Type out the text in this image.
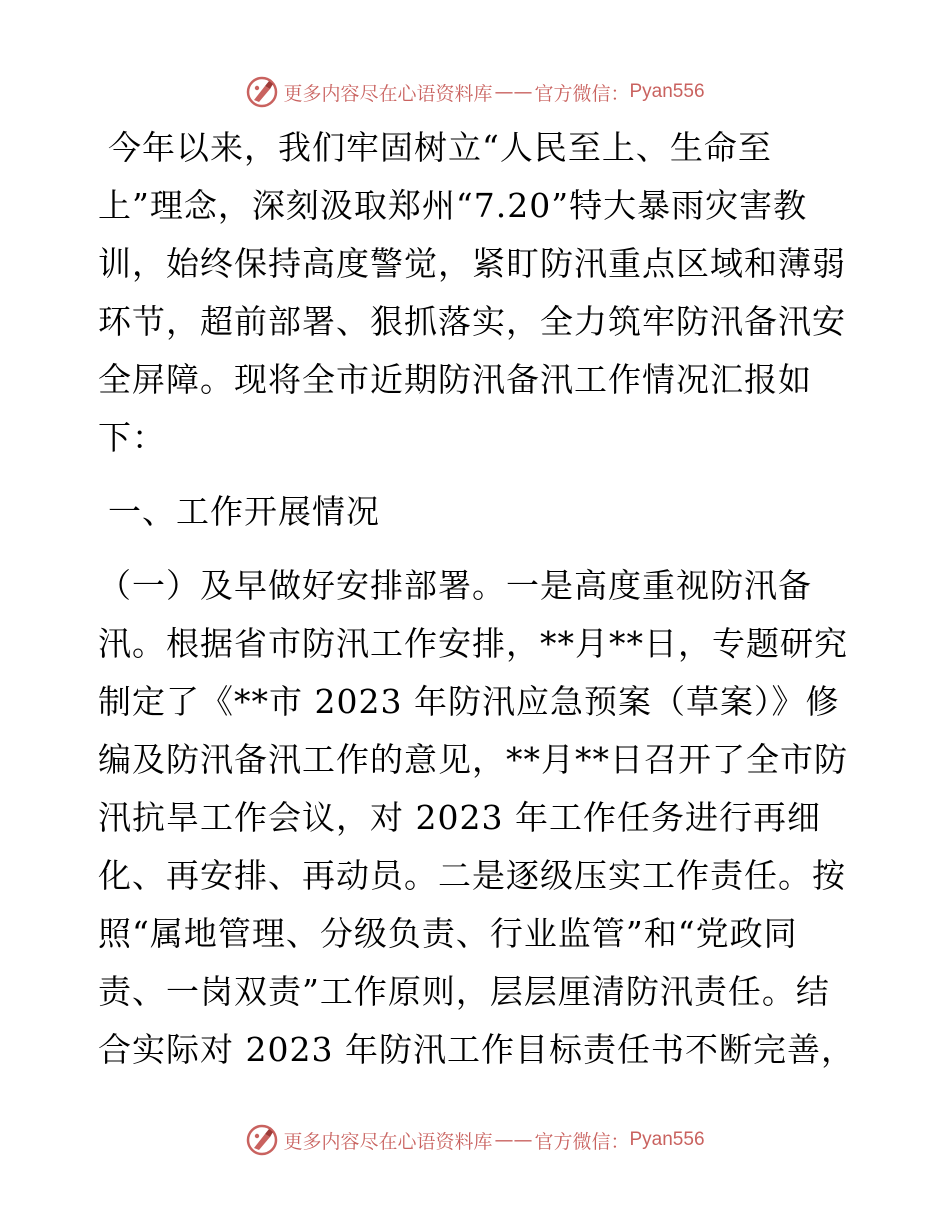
更多内容尽在心语资料库 —— 官方微信： Pyan556
今年以来，我们牢固树立“人民至上、生命至
上”理念，深刻汲取郑州“7.20”特大暴雨灾害教
训，始终保持高度警觉，紧盯防汛重点区域和薄弱
环节，超前部署、狠抓落实，全力筑牢防汛备汛安
全屏障。现将全市近期防汛备汛工作情况汇报如
下：
一、工作开展情况
（一）及早做好安排部署。一是高度重视防汛备
汛。根据省市防汛工作安排，**月**日，专题研究
制定了《**市 2023 年防汛应急预案（草案）》修
编及防汛备汛工作的意见，**月**日召开了全市防
汛抗旱工作会议，对 2023 年工作任务进行再细
化、再安排、再动员。二是逐级压实工作责任。按
照“属地管理、分级负责、行业监管”和“党政同
责、一岗双责”工作原则，层层厘清防汛责任。结
合实际对 2023 年防汛工作目标责任书不断完善，
更多内容尽在心语资料库 —— 官方微信： Pyan556
